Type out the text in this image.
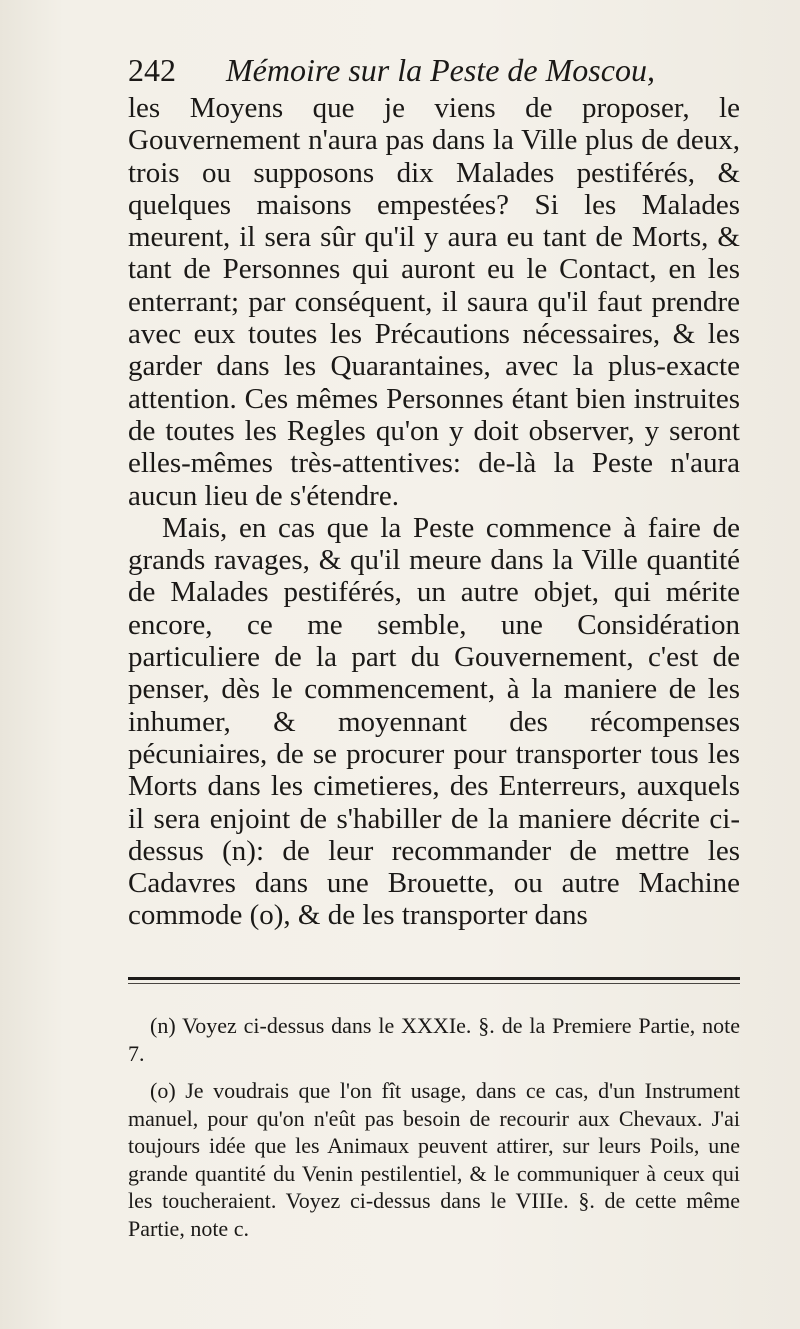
242 Mémoire sur la Peste de Moscou,

les Moyens que je viens de proposer, le Gouvernement n'aura pas dans la Ville plus de deux, trois ou supposons dix Malades pestiférés, & quelques maisons empestées? Si les Malades meurent, il sera sûr qu'il y aura eu tant de Morts, & tant de Personnes qui auront eu le Contact, en les enterrant; par conséquent, il saura qu'il faut prendre avec eux toutes les Précautions nécessaires, & les garder dans les Quarantaines, avec la plus-exacte attention. Ces mêmes Personnes étant bien instruites de toutes les Regles qu'on y doit observer, y seront elles-mêmes très-attentives: de-là la Peste n'aura aucun lieu de s'étendre.

Mais, en cas que la Peste commence à faire de grands ravages, & qu'il meure dans la Ville quantité de Malades pestiférés, un autre objet, qui mérite encore, ce me semble, une Considération particuliere de la part du Gouvernement, c'est de penser, dès le commencement, à la maniere de les inhumer, & moyennant des récompenses pécuniaires, de se procurer pour transporter tous les Morts dans les cimetieres, des Enterreurs, auxquels il sera enjoint de s'habiller de la maniere décrite ci-dessus (n): de leur recommander de mettre les Cadavres dans une Brouette, ou autre Machine commode (o), & de les transporter dans

(n) Voyez ci-dessus dans le XXXIe. §. de la Premiere Partie, note 7.

(o) Je voudrais que l'on fît usage, dans ce cas, d'un Instrument manuel, pour qu'on n'eût pas besoin de recourir aux Chevaux. J'ai toujours idée que les Animaux peuvent attirer, sur leurs Poils, une grande quantité du Venin pestilentiel, & le communiquer à ceux qui les toucheraient. Voyez ci-dessus dans le VIIIe. §. de cette même Partie, note c.
